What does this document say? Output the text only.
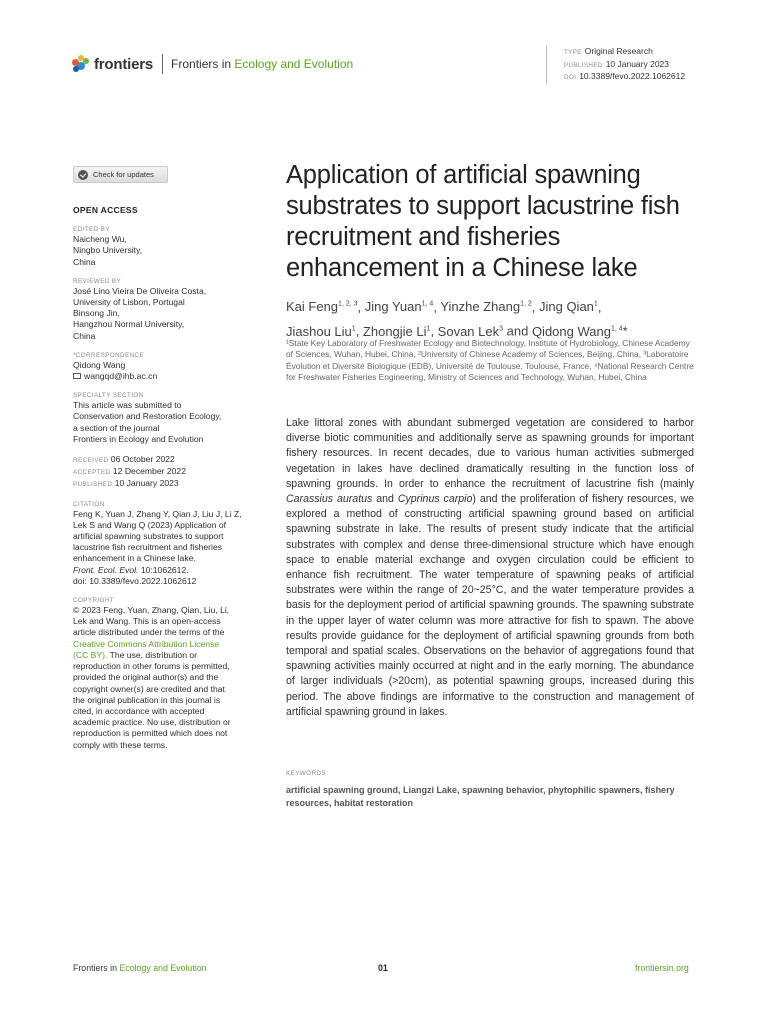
frontiers Frontiers in Ecology and Evolution
TYPE Original Research
PUBLISHED 10 January 2023
DOI 10.3389/fevo.2022.1062612
Check for updates
OPEN ACCESS
EDITED BY
Naicheng Wu,
Ningbo University,
China
REVIEWED BY
José Lino Vieira De Oliveira Costa,
University of Lisbon, Portugal
Binsong Jin,
Hangzhou Normal University,
China
*CORRESPONDENCE
Qidong Wang
wangqd@ihb.ac.cn
SPECIALTY SECTION
This article was submitted to
Conservation and Restoration Ecology,
a section of the journal
Frontiers in Ecology and Evolution
RECEIVED 06 October 2022
ACCEPTED 12 December 2022
PUBLISHED 10 January 2023
CITATION
Feng K, Yuan J, Zhang Y, Qian J, Liu J, Li Z,
Lek S and Wang Q (2023) Application of
artificial spawning substrates to support
lacustrine fish recruitment and fisheries
enhancement in a Chinese lake.
Front. Ecol. Evol. 10:1062612.
doi: 10.3389/fevo.2022.1062612
COPYRIGHT
© 2023 Feng, Yuan, Zhang, Qian, Liu, Li,
Lek and Wang. This is an open-access
article distributed under the terms of the
Creative Commons Attribution License
(CC BY). The use, distribution or
reproduction in other forums is permitted,
provided the original author(s) and the
copyright owner(s) are credited and that
the original publication in this journal is
cited, in accordance with accepted
academic practice. No use, distribution or
reproduction is permitted which does not
comply with these terms.
Application of artificial spawning substrates to support lacustrine fish recruitment and fisheries enhancement in a Chinese lake
Kai Feng$^{1, 2, 3}$, Jing Yuan$^{1, 4}$, Yinzhe Zhang$^{1, 2}$, Jing Qian$^1$,
Jiashou Liu$^1$, Zhongjie Li$^1$, Sovan Lek$^3$ and Qidong Wang$^{1, 4}$*

¹State Key Laboratory of Freshwater Ecology and Biotechnology, Institute of Hydrobiology, Chinese Academy of Sciences, Wuhan, Hubei, China, ²University of Chinese Academy of Sciences, Beijing, China, ³Laboratoire Évolution et Diversité Biologique (EDB), Université de Toulouse, Toulouse, France, ⁴National Research Centre for Freshwater Fisheries Engineering, Ministry of Sciences and Technology, Wuhan, Hubei, China

Lake littoral zones with abundant submerged vegetation are considered to harbor diverse biotic communities and additionally serve as spawning grounds for important fishery resources. In recent decades, due to various human activities submerged vegetation in lakes have declined dramatically resulting in the function loss of spawning grounds. In order to enhance the recruitment of lacustrine fish (mainly Carassius auratus and Cyprinus carpio) and the proliferation of fishery resources, we explored a method of constructing artificial spawning ground based on artificial spawning substrate in lake. The results of present study indicate that the artificial substrates with complex and dense three-dimensional structure which have enough space to enable material exchange and oxygen circulation could be efficient to enhance fish recruitment. The water temperature of spawning peaks of artificial substrates were within the range of 20~25°C, and the water temperature provides a basis for the deployment period of artificial spawning grounds. The spawning substrate in the upper layer of water column was more attractive for fish to spawn. The above results provide guidance for the deployment of artificial spawning grounds from both temporal and spatial scales. Observations on the behavior of aggregations found that spawning activities mainly occurred at night and in the early morning. The abundance of larger individuals (>20cm), as potential spawning groups, increased during this period. The above findings are informative to the construction and management of artificial spawning ground in lakes.

KEYWORDS
artificial spawning ground, Liangzi Lake, spawning behavior, phytophilic spawners, fishery resources, habitat restoration
Frontiers in Ecology and Evolution	01	frontiersin.org
